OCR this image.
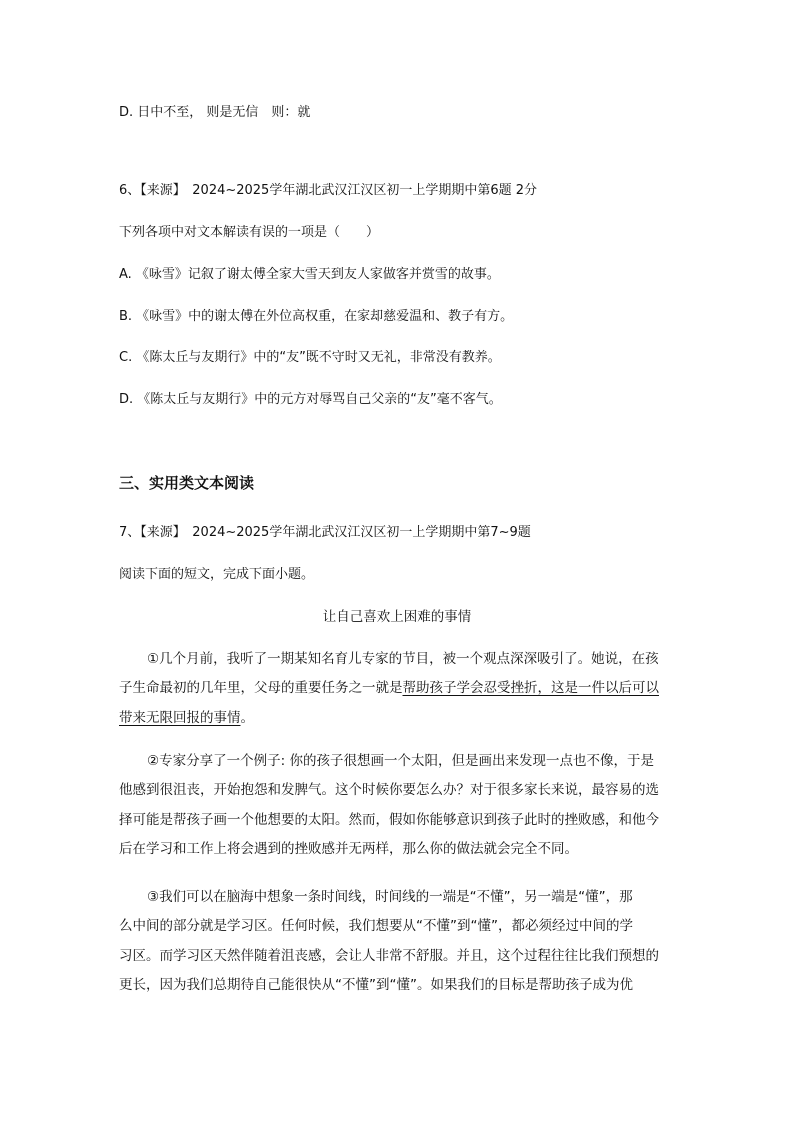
D. 日中不至， 则是无信　则：就
6、【来源】　2024~2025学年湖北武汉江汉区初一上学期期中第6题 2分
下列各项中对文本解读有误的一项是（　　）
A. 《咏雪》记叙了谢太傅全家大雪天到友人家做客并赏雪的故事。
B. 《咏雪》中的谢太傅在外位高权重，在家却慈爱温和、教子有方。
C. 《陈太丘与友期行》中的“友”既不守时又无礼，非常没有教养。
D. 《陈太丘与友期行》中的元方对辱骂自己父亲的“友”毫不客气。
三、实用类文本阅读
7、【来源】　2024~2025学年湖北武汉江汉区初一上学期期中第7~9题
阅读下面的短文，完成下面小题。
让自己喜欢上困难的事情
①几个月前，我听了一期某知名育儿专家的节目，被一个观点深深吸引了。她说，在孩
子生命最初的几年里，父母的重要任务之一就是帮助孩子学会忍受挫折，这是一件以后可以
带来无限回报的事情。
②专家分享了一个例子: 你的孩子很想画一个太阳，但是画出来发现一点也不像，于是
他感到很沮丧，开始抱怨和发脾气。这个时候你要怎么办？对于很多家长来说，最容易的选
择可能是帮孩子画一个他想要的太阳。然而，假如你能够意识到孩子此时的挫败感，和他今
后在学习和工作上将会遇到的挫败感并无两样，那么你的做法就会完全不同。
③我们可以在脑海中想象一条时间线，时间线的一端是“不懂”，另一端是“懂”，那
么中间的部分就是学习区。任何时候，我们想要从“不懂”到“懂”，都必须经过中间的学
习区。而学习区天然伴随着沮丧感，会让人非常不舒服。并且，这个过程往往比我们预想的
更长，因为我们总期待自己能很快从“不懂”到“懂”。如果我们的目标是帮助孩子成为优
